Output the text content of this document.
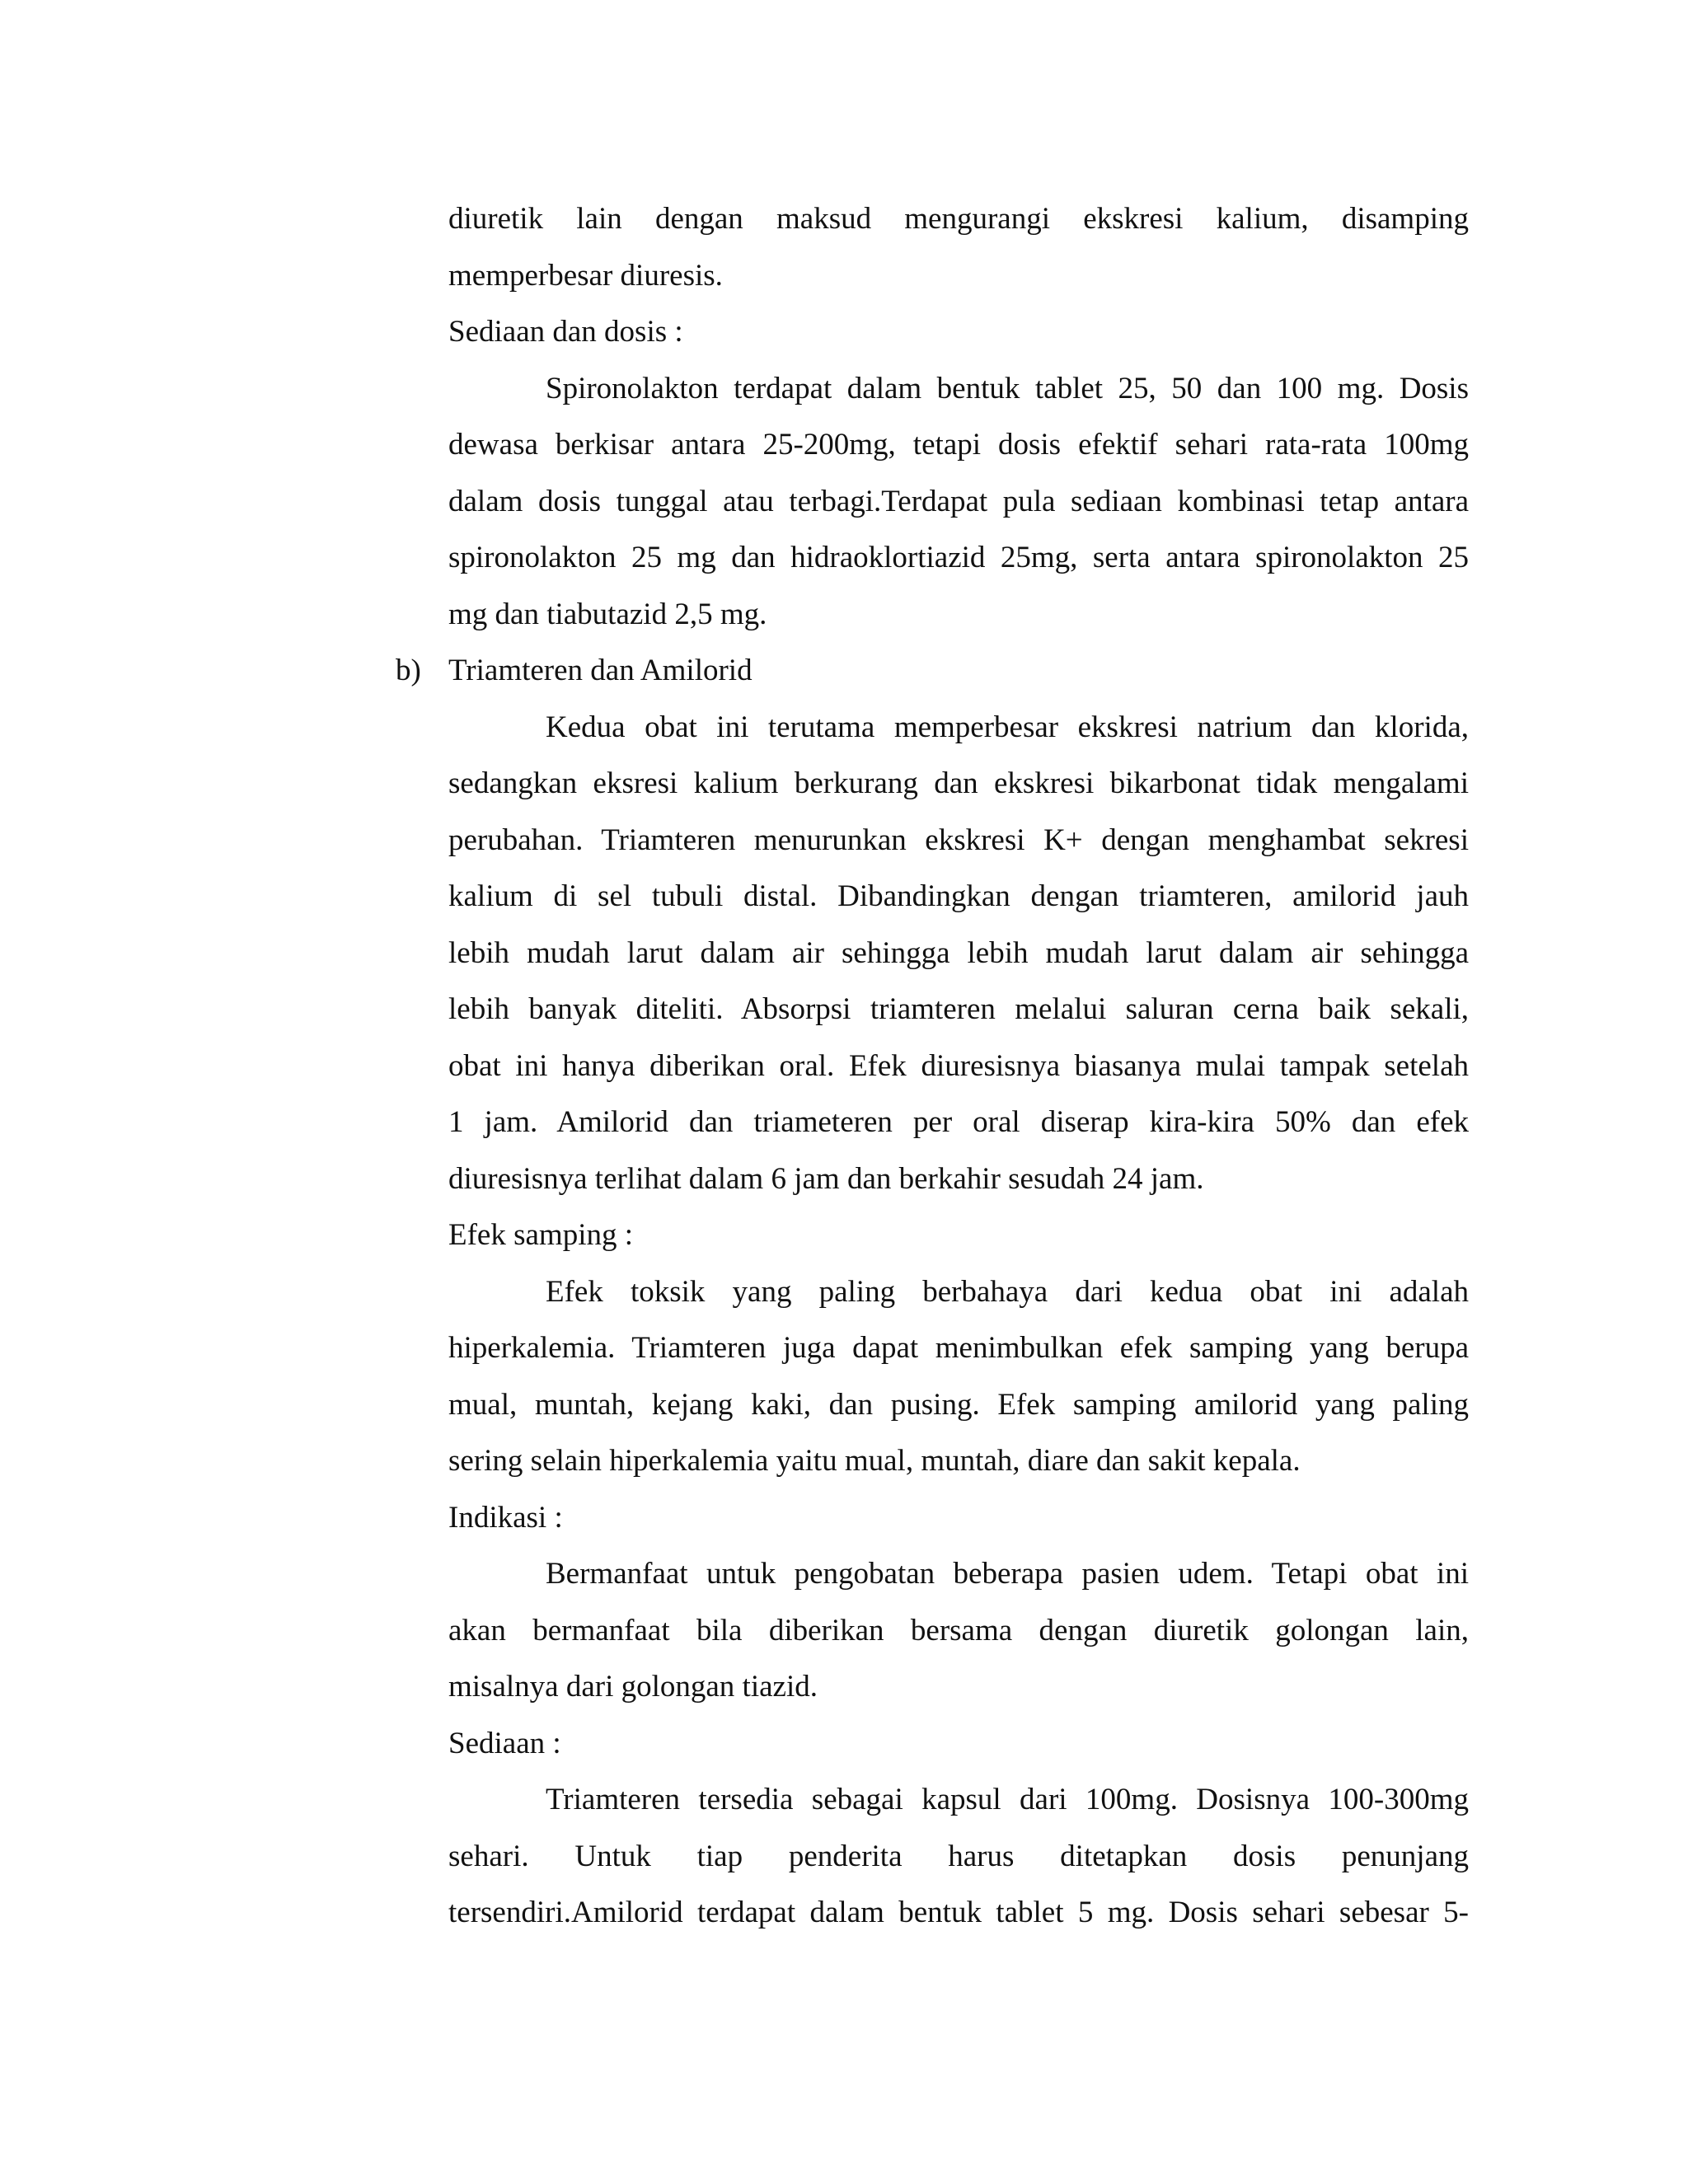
diuretik lain dengan maksud mengurangi ekskresi kalium, disamping
memperbesar diuresis.
Sediaan dan dosis :
Spironolakton terdapat dalam bentuk tablet 25, 50 dan 100 mg. Dosis
dewasa berkisar antara 25-200mg, tetapi dosis efektif sehari rata-rata 100mg
dalam dosis tunggal atau terbagi.Terdapat pula sediaan kombinasi tetap antara
spironolakton 25 mg dan hidraoklortiazid 25mg, serta antara spironolakton 25
mg dan tiabutazid 2,5 mg.
b) Triamteren dan Amilorid
Kedua obat ini terutama memperbesar ekskresi natrium dan klorida,
sedangkan eksresi kalium berkurang dan ekskresi bikarbonat tidak mengalami
perubahan. Triamteren menurunkan ekskresi K+ dengan menghambat sekresi
kalium di sel tubuli distal. Dibandingkan dengan triamteren, amilorid jauh
lebih mudah larut dalam air sehingga lebih mudah larut dalam air sehingga
lebih banyak diteliti. Absorpsi triamteren melalui saluran cerna baik sekali,
obat ini hanya diberikan oral. Efek diuresisnya biasanya mulai tampak setelah
1 jam. Amilorid dan triameteren per oral diserap kira-kira 50% dan efek
diuresisnya terlihat dalam 6 jam dan berkahir sesudah 24 jam.
Efek samping :
Efek toksik yang paling berbahaya dari kedua obat ini adalah
hiperkalemia. Triamteren juga dapat menimbulkan efek samping yang berupa
mual, muntah, kejang kaki, dan pusing. Efek samping amilorid yang paling
sering selain hiperkalemia yaitu mual, muntah, diare dan sakit kepala.
Indikasi :
Bermanfaat untuk pengobatan beberapa pasien udem. Tetapi obat ini
akan bermanfaat bila diberikan bersama dengan diuretik golongan lain,
misalnya dari golongan tiazid.
Sediaan :
Triamteren tersedia sebagai kapsul dari 100mg. Dosisnya 100-300mg
sehari. Untuk tiap penderita harus ditetapkan dosis penunjang
tersendiri.Amilorid terdapat dalam bentuk tablet 5 mg. Dosis sehari sebesar 5-
